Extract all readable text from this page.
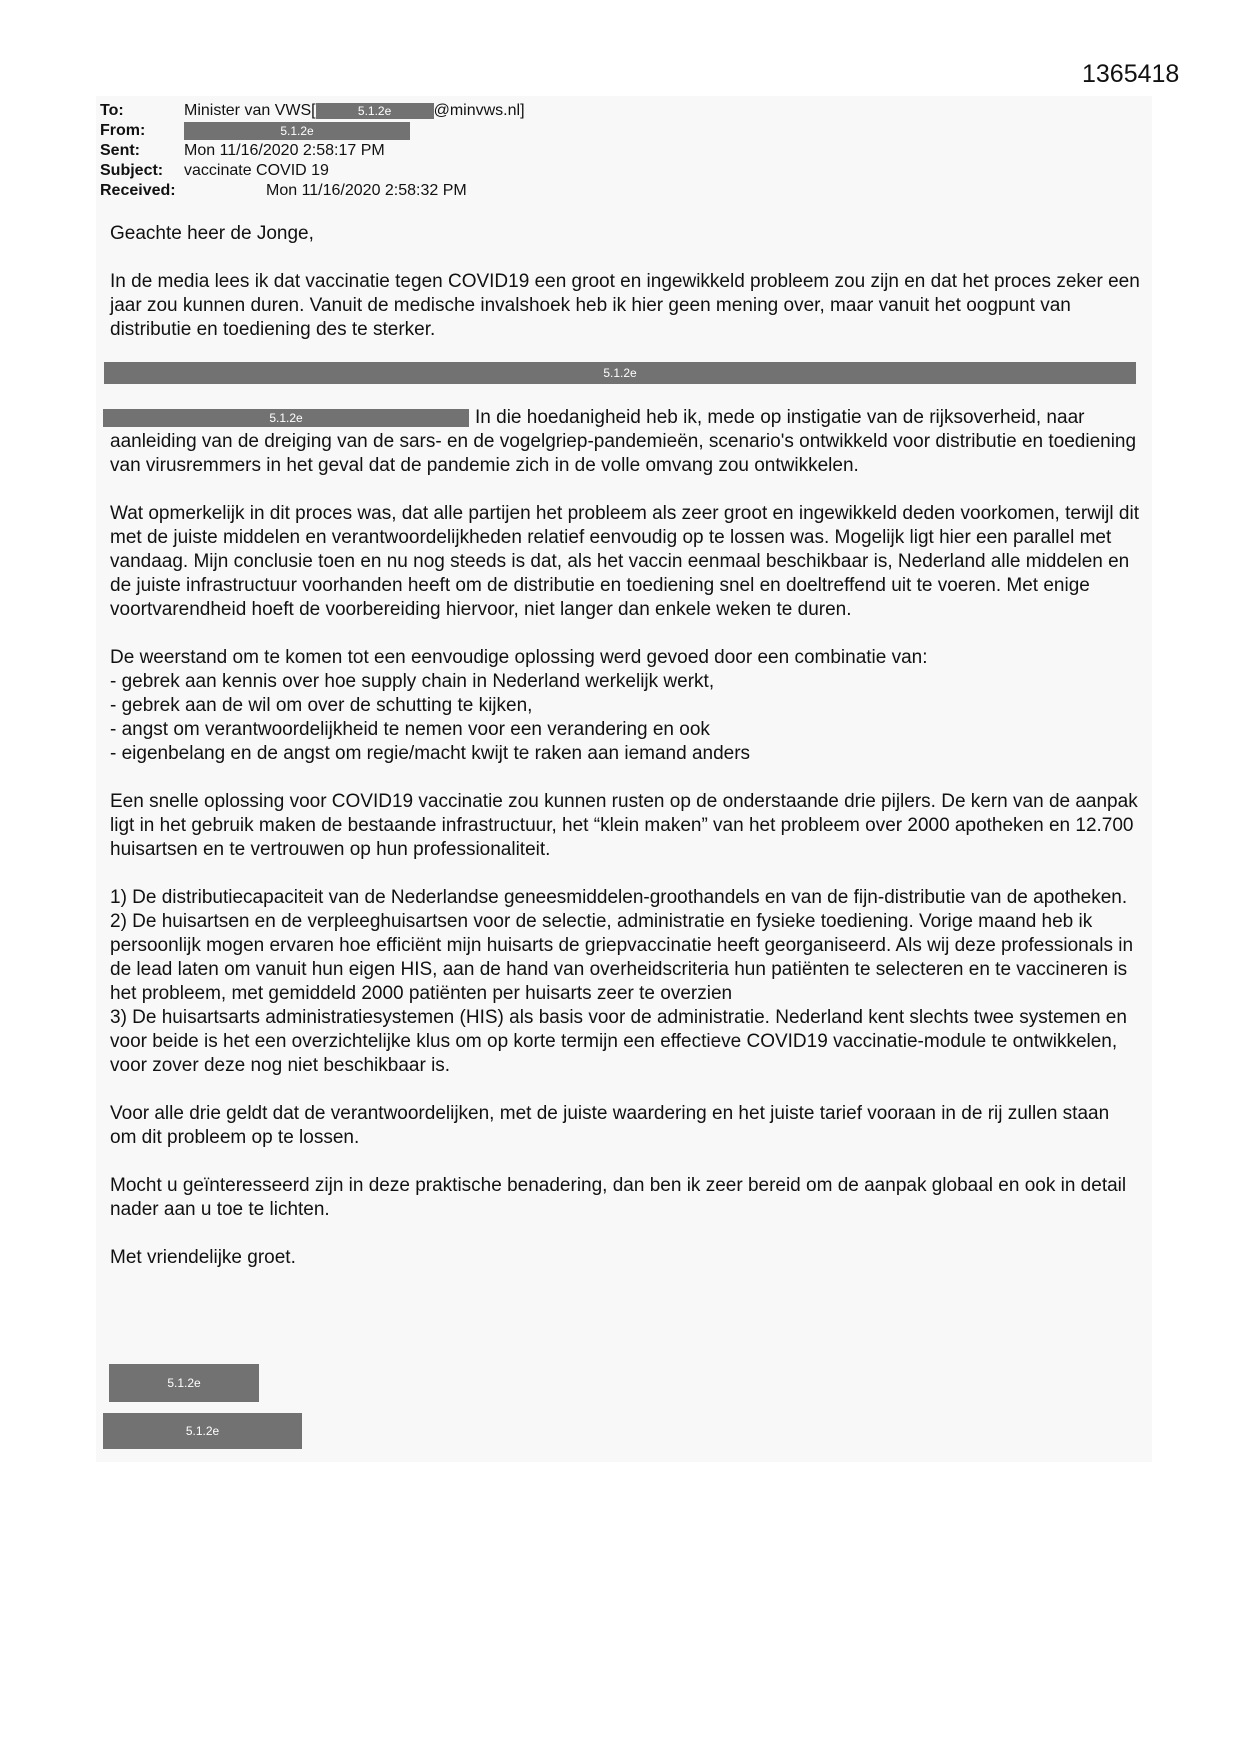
1365418
To:	Minister van VWS[	5.1.2e	@minvws.nl]
From:	5.1.2e
Sent:	Mon 11/16/2020 2:58:17 PM
Subject: vaccinate COVID 19
Received:	Mon 11/16/2020 2:58:32 PM
5.1.2e

Geachte heer de Jonge,

In de media lees ik dat vaccinatie tegen COVID19 een groot en ingewikkeld probleem zou zijn en dat het proces zeker een jaar zou kunnen duren. Vanuit de medische invalshoek heb ik hier geen mening over, maar vanuit het oogpunt van distributie en toediening des te sterker.

5.1.2e	In die hoedanigheid heb ik, mede op instigatie van de rijksoverheid, naar aanleiding van de dreiging van de sars- en de vogelgriep-pandemieën, scenario's ontwikkeld voor distributie en toediening van virusremmers in het geval dat de pandemie zich in de volle omvang zou ontwikkelen.

Wat opmerkelijk in dit proces was, dat alle partijen het probleem als zeer groot en ingewikkeld deden voorkomen, terwijl dit met de juiste middelen en verantwoordelijkheden relatief eenvoudig op te lossen was. Mogelijk ligt hier een parallel met vandaag. Mijn conclusie toen en nu nog steeds is dat, als het vaccin eenmaal beschikbaar is, Nederland alle middelen en de juiste infrastructuur voorhanden heeft om de distributie en toediening snel en doeltreffend uit te voeren. Met enige voortvarendheid hoeft de voorbereiding hiervoor, niet langer dan enkele weken te duren.

De weerstand om te komen tot een eenvoudige oplossing werd gevoed door een combinatie van:
- gebrek aan kennis over hoe supply chain in Nederland werkelijk werkt,
- gebrek aan de wil om over de schutting te kijken,
- angst om verantwoordelijkheid te nemen voor een verandering en ook
- eigenbelang en de angst om regie/macht kwijt te raken aan iemand anders

Een snelle oplossing voor COVID19 vaccinatie zou kunnen rusten op de onderstaande drie pijlers. De kern van de aanpak ligt in het gebruik maken de bestaande infrastructuur, het “klein maken” van het probleem over 2000 apotheken en 12.700 huisartsen en te vertrouwen op hun professionaliteit.

1) De distributiecapaciteit van de Nederlandse geneesmiddelen-groothandels en van de fijn-distributie van de apotheken.
2) De huisartsen en de verpleeghuisartsen voor de selectie, administratie en fysieke toediening. Vorige maand heb ik persoonlijk mogen ervaren hoe efficiënt mijn huisarts de griepvaccinatie heeft georganiseerd. Als wij deze professionals in de lead laten om vanuit hun eigen HIS, aan de hand van overheidscriteria hun patiënten te selecteren en te vaccineren is het probleem, met gemiddeld 2000 patiënten per huisarts zeer te overzien
3) De huisartsarts administratiesystemen (HIS) als basis voor de administratie. Nederland kent slechts twee systemen en voor beide is het een overzichtelijke klus om op korte termijn een effectieve COVID19 vaccinatie-module te ontwikkelen, voor zover deze nog niet beschikbaar is.

Voor alle drie geldt dat de verantwoordelijken, met de juiste waardering en het juiste tarief vooraan in de rij zullen staan om dit probleem op te lossen.

Mocht u geïnteresseerd zijn in deze praktische benadering, dan ben ik zeer bereid om de aanpak globaal en ook in detail nader aan u toe te lichten.

Met vriendelijke groet.

5.1.2e
5.1.2e
